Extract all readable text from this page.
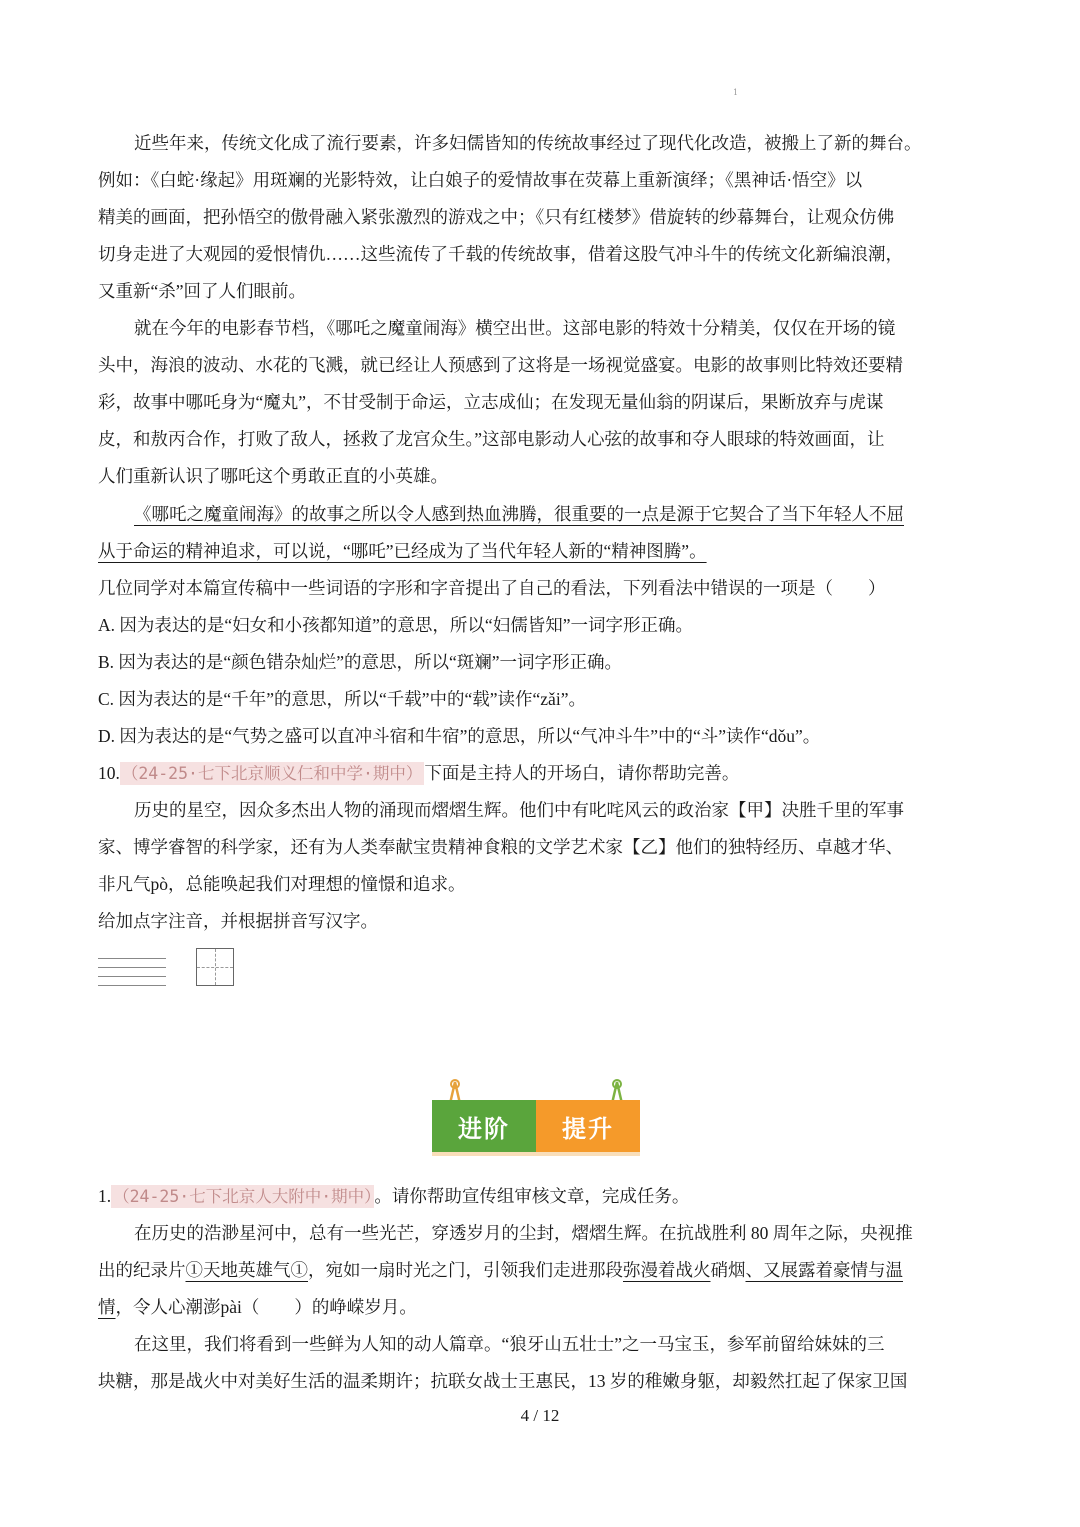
1

近些年来，传统文化成了流行要素，许多妇儒皆知的传统故事经过了现代化改造，被搬上了新的舞台。

例如：《白蛇·缘起》用斑斓的光影特效，让白娘子的爱情故事在荧幕上重新演绎；《黑神话·悟空》以

精美的画面，把孙悟空的傲骨融入紧张激烈的游戏之中；《只有红楼梦》借旋转的纱幕舞台，让观众仿佛

切身走进了大观园的爱恨情仇……这些流传了千载的传统故事，借着这股气冲斗牛的传统文化新编浪潮，

又重新“杀”回了人们眼前。

就在今年的电影春节档，《哪吒之魔童闹海》横空出世。这部电影的特效十分精美，仅仅在开场的镜

头中，海浪的波动、水花的飞溅，就已经让人预感到了这将是一场视觉盛宴。电影的故事则比特效还要精

彩，故事中哪吒身为“魔丸”，不甘受制于命运，立志成仙；在发现无量仙翁的阴谋后，果断放弃与虎谋

皮，和敖丙合作，打败了敌人，拯救了龙宫众生。”这部电影动人心弦的故事和夺人眼球的特效画面，让

人们重新认识了哪吒这个勇敢正直的小英雄。

《哪吒之魔童闹海》的故事之所以令人感到热血沸腾，很重要的一点是源于它契合了当下年轻人不屈

从于命运的精神追求，可以说，“哪吒”已经成为了当代年轻人新的“精神图腾”。

几位同学对本篇宣传稿中一些词语的字形和字音提出了自己的看法，下列看法中错误的一项是（　　）

A. 因为表达的是“妇女和小孩都知道”的意思，所以“妇儒皆知”一词字形正确。

B. 因为表达的是“颜色错杂灿烂”的意思，所以“斑斓”一词字形正确。

C. 因为表达的是“千年”的意思，所以“千载”中的“载”读作“zǎi”。

D. 因为表达的是“气势之盛可以直冲斗宿和牛宿”的意思，所以“气冲斗牛”中的“斗”读作“dǒu”。

10. （24-25·七下北京顺义仁和中学·期中） 下面是主持人的开场白，请你帮助完善。

历史的星空，因众多杰出人物的涌现而熠熠生辉。他们中有叱咤风云的政治家【甲】决胜千里的军事

家、博学睿智的科学家，还有为人类奉献宝贵精神食粮的文学艺术家【乙】他们的独特经历、卓越才华、

非凡气pò，总能唤起我们对理想的憧憬和追求。

给加点字注音，并根据拼音写汉字。

进阶	提升

1. （24-25·七下北京人大附中·期中） 。请你帮助宣传组审核文章，完成任务。

在历史的浩渺星河中，总有一些光芒，穿透岁月的尘封，熠熠生辉。在抗战胜利 80 周年之际，央视推

出的纪录片①天地英雄气①，宛如一扇时光之门，引领我们走进那段弥漫着战火硝烟、又展露着豪情与温

情，令人心潮澎pài（　　）的峥嵘岁月。

在这里，我们将看到一些鲜为人知的动人篇章。“狼牙山五壮士”之一马宝玉，参军前留给妹妹的三

块糖，那是战火中对美好生活的温柔期许；抗联女战士王惠民，13 岁的稚嫩身躯，却毅然扛起了保家卫国

4 / 12
